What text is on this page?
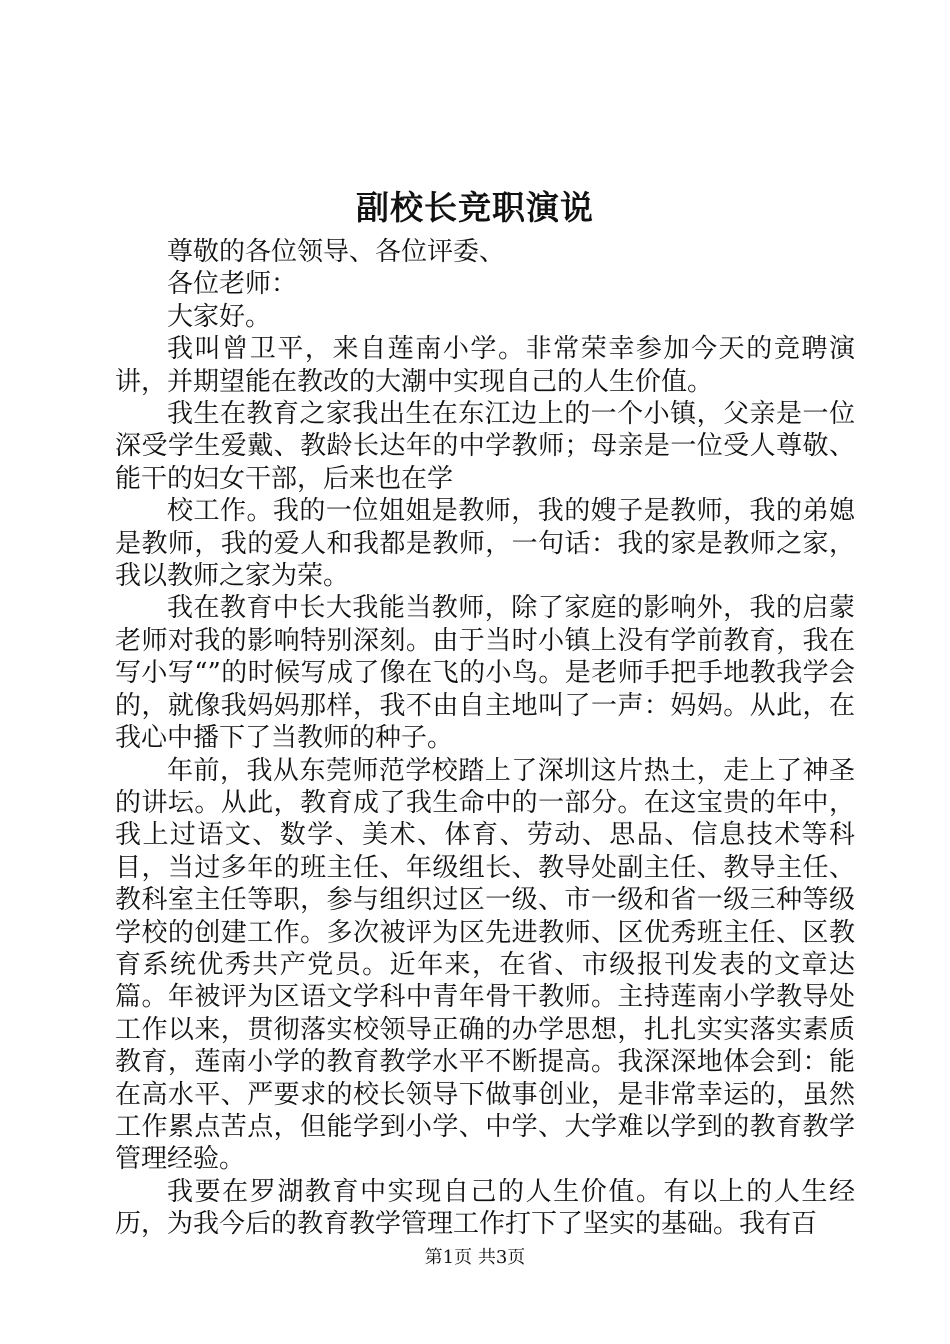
副校长竞职演说

尊敬的各位领导、各位评委、

各位老师：

大家好。

我叫曾卫平，来自莲南小学。非常荣幸参加今天的竞聘演讲，并期望能在教改的大潮中实现自己的人生价值。

我生在教育之家我出生在东江边上的一个小镇，父亲是一位深受学生爱戴、教龄长达年的中学教师；母亲是一位受人尊敬、能干的妇女干部，后来也在学

校工作。我的一位姐姐是教师，我的嫂子是教师，我的弟媳是教师，我的爱人和我都是教师，一句话：我的家是教师之家，我以教师之家为荣。

我在教育中长大我能当教师，除了家庭的影响外，我的启蒙老师对我的影响特别深刻。由于当时小镇上没有学前教育，我在写小写“”的时候写成了像在飞的小鸟。是老师手把手地教我学会的，就像我妈妈那样，我不由自主地叫了一声：妈妈。从此，在我心中播下了当教师的种子。

年前，我从东莞师范学校踏上了深圳这片热土，走上了神圣的讲坛。从此，教育成了我生命中的一部分。在这宝贵的年中，我上过语文、数学、美术、体育、劳动、思品、信息技术等科目，当过多年的班主任、年级组长、教导处副主任、教导主任、教科室主任等职，参与组织过区一级、市一级和省一级三种等级学校的创建工作。多次被评为区先进教师、区优秀班主任、区教育系统优秀共产党员。近年来，在省、市级报刊发表的文章达篇。年被评为区语文学科中青年骨干教师。主持莲南小学教导处工作以来，贯彻落实校领导正确的办学思想，扎扎实实落实素质教育，莲南小学的教育教学水平不断提高。我深深地体会到：能在高水平、严要求的校长领导下做事创业，是非常幸运的，虽然工作累点苦点，但能学到小学、中学、大学难以学到的教育教学管理经验。

我要在罗湖教育中实现自己的人生价值。有以上的人生经历，为我今后的教育教学管理工作打下了坚实的基础。我有百

第1页 共3页
